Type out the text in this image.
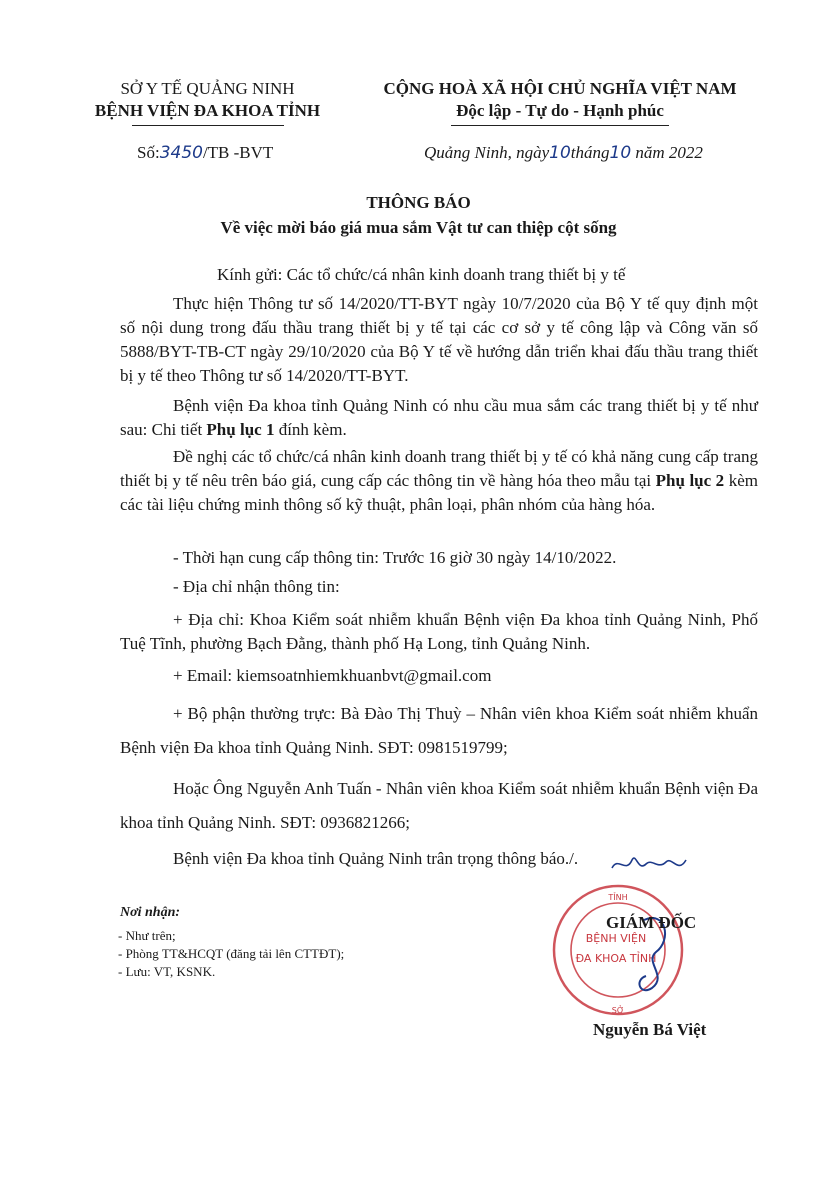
SỞ Y TẾ QUẢNG NINH
BỆNH VIỆN ĐA KHOA TỈNH
CỘNG HOÀ XÃ HỘI CHỦ NGHĨA VIỆT NAM
Độc lập - Tự do - Hạnh phúc
Số:3450/TB -BVT	Quảng Ninh, ngày10tháng10 năm 2022
THÔNG BÁO
Về việc mời báo giá mua sắm Vật tư can thiệp cột sống
Kính gửi: Các tổ chức/cá nhân kinh doanh trang thiết bị y tế
Thực hiện Thông tư số 14/2020/TT-BYT ngày 10/7/2020 của Bộ Y tế quy định một số nội dung trong đấu thầu trang thiết bị y tế tại các cơ sở y tế công lập và Công văn số 5888/BYT-TB-CT ngày 29/10/2020 của Bộ Y tế về hướng dẫn triển khai đấu thầu trang thiết bị y tế theo Thông tư số 14/2020/TT-BYT.
Bệnh viện Đa khoa tỉnh Quảng Ninh có nhu cầu mua sắm các trang thiết bị y tế như sau: Chi tiết Phụ lục 1 đính kèm.
Đề nghị các tổ chức/cá nhân kinh doanh trang thiết bị y tế có khả năng cung cấp trang thiết bị y tế nêu trên báo giá, cung cấp các thông tin về hàng hóa theo mẫu tại Phụ lục 2 kèm các tài liệu chứng minh thông số kỹ thuật, phân loại, phân nhóm của hàng hóa.
- Thời hạn cung cấp thông tin: Trước 16 giờ 30 ngày 14/10/2022.
- Địa chỉ nhận thông tin:
+ Địa chỉ: Khoa Kiểm soát nhiễm khuẩn Bệnh viện Đa khoa tỉnh Quảng Ninh, Phố Tuệ Tĩnh, phường Bạch Đằng, thành phố Hạ Long, tỉnh Quảng Ninh.
+ Email: kiemsoatnhiemkhuanbvt@gmail.com
+ Bộ phận thường trực: Bà Đào Thị Thuỳ – Nhân viên khoa Kiểm soát nhiễm khuẩn Bệnh viện Đa khoa tỉnh Quảng Ninh. SĐT: 0981519799;
Hoặc Ông Nguyễn Anh Tuấn - Nhân viên khoa Kiểm soát nhiễm khuẩn Bệnh viện Đa khoa tỉnh Quảng Ninh. SĐT: 0936821266;
Bệnh viện Đa khoa tỉnh Quảng Ninh trân trọng thông báo./.
Nơi nhận:
- Như trên;
- Phòng TT&HCQT (đăng tải lên CTTĐT);
- Lưu: VT, KSNK.
TỈNH
SỞ
BỆNH VIỆN
ĐA KHOA TỈNH
GIÁM ĐỐC
Nguyễn Bá Việt
